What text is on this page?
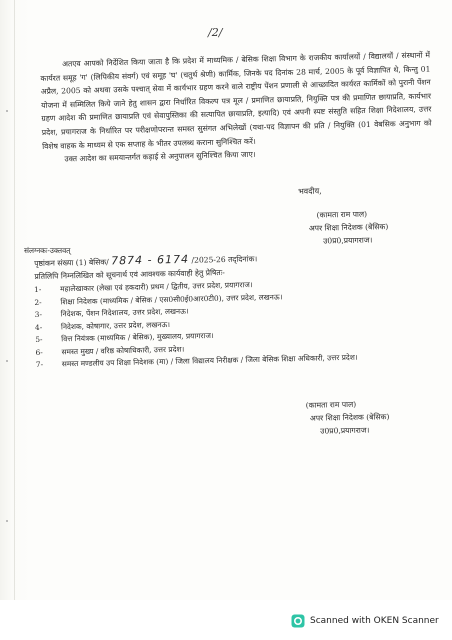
/2/
अतएव आपको निर्देशित किया जाता है कि प्रदेश में माध्यमिक / बेसिक शिक्षा विभाग के राजकीय कार्यालयों / विद्यालयों / संस्थानों में कार्यरत समूह 'ग' (लिपिकीय संवर्ग) एवं समूह 'घ' (चतुर्थ श्रेणी) कार्मिक, जिनके पद दिनांक 28 मार्च, 2005 के पूर्व विज्ञापित थे, किन्तु 01 अप्रैल, 2005 को अथवा उसके पश्चात् सेवा में कार्यभार ग्रहण करने वाले राष्ट्रीय पेंशन प्रणाली से आच्छादित कार्यरत कार्मिकों को पुरानी पेंशन योजना में सम्मिलित किये जाने हेतु शासन द्वारा निर्धारित विकल्प पत्र मूल / प्रमाणित छायाप्रति, नियुक्ति पत्र की प्रमाणित छायाप्रति, कार्यभार ग्रहण आदेश की प्रमाणित छायाप्रति एवं सेवापुस्तिका की सत्यापित छायाप्रति, इत्यादि) एवं अपनी स्पष्ट संस्तुति सहित शिक्षा निदेशालय, उत्तर प्रदेश, प्रयागराज के निर्धारित पर परीक्षणोपरान्त समस्त सुसंगत अभिलेखों (यथा-पद विज्ञापन की प्रति / नियुक्ति (01 वेबसिक अनुभाग को विशेष वाहक के माध्यम से एक सप्ताह के भीतर उपलब्ध कराना सुनिश्चित करें।
उक्त आदेश का समयान्तर्गत कड़ाई से अनुपालन सुनिश्चित किया जाए।
भवदीय,
(कामता राम पाल)
अपर शिक्षा निदेशक (बेसिक)
उ0प्र0,प्रयागराज।
संलग्नकः-उक्तवत्
पृष्ठांकन संख्या (1) बेसिक/ 7874 - 6174 /2025-26 तद्‌दिनांक।
प्रतिलिपि निम्नलिखित को सूचनार्थ एवं आवश्यक कार्यवाही हेतु प्रेषितः-
1-	महालेखाकार (लेखा एवं हकदारी) प्रथम / द्वितीय, उत्तर प्रदेश, प्रयागराज।
2-	शिक्षा निदेशक (माध्यमिक / बेसिक / एस0सी0ई0आर0टी0), उत्तर प्रदेश, लखनऊ।
3-	निदेशक, पेंशन निदेशालय, उत्तर प्रदेश, लखनऊ।
4-	निदेशक, कोषागार, उत्तर प्रदेश, लखनऊ।
5-	वित्त नियंत्रक (माध्यमिक / बेसिक), मुख्यालय, प्रयागराज।
6-	समस्त मुख्य / वरिष्ठ कोषाधिकारी, उत्तर प्रदेश।
7-	समस्त मण्डलीय उप शिक्षा निदेशक (मा) / जिला विद्यालय निरीक्षक / जिला बेसिक शिक्षा अधिकारी, उत्तर प्रदेश।
(कामता राम पाल)
अपर शिक्षा निदेशक (बेसिक)
उ0प्र0,प्रयागराज।
Scanned with OKEN Scanner
